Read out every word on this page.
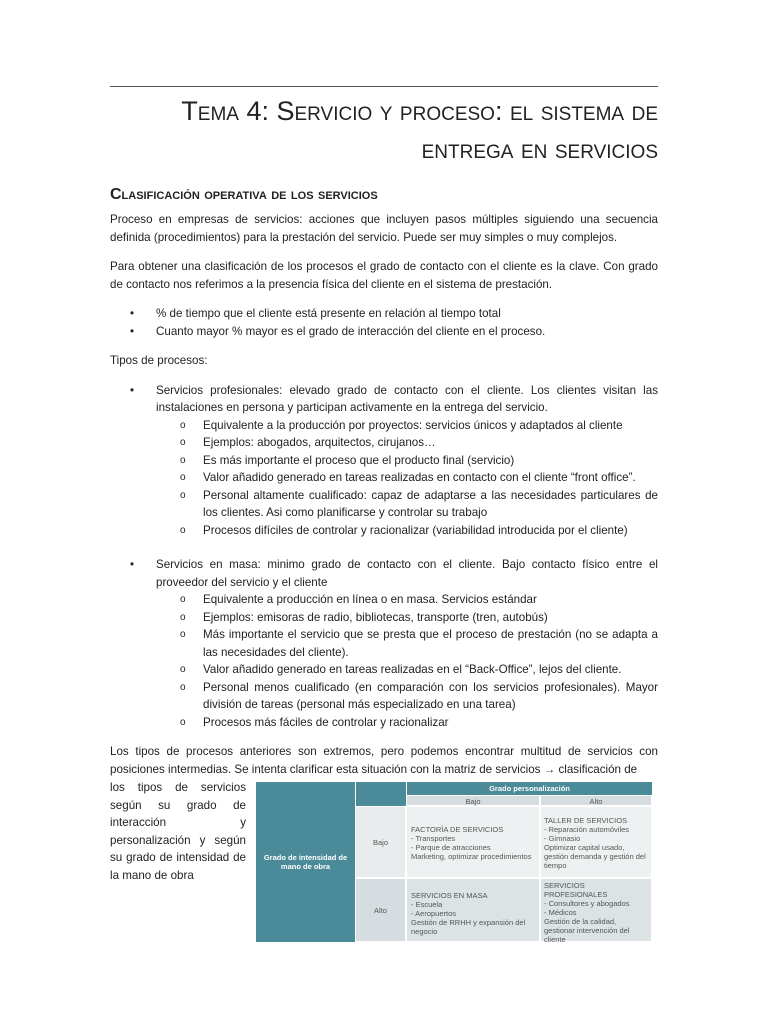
Tema 4: Servicio y proceso: el sistema de entrega en servicios
Clasificación operativa de los servicios

Proceso en empresas de servicios: acciones que incluyen pasos múltiples siguiendo una secuencia definida (procedimientos) para la prestación del servicio. Puede ser muy simples o muy complejos.

Para obtener una clasificación de los procesos el grado de contacto con el cliente es la clave. Con grado de contacto nos referimos a la presencia física del cliente en el sistema de prestación.

• % de tiempo que el cliente está presente en relación al tiempo total
• Cuanto mayor % mayor es el grado de interacción del cliente en el proceso.

Tipos de procesos:

• Servicios profesionales: elevado grado de contacto con el cliente. Los clientes visitan las instalaciones en persona y participan activamente en la entrega del servicio.
o Equivalente a la producción por proyectos: servicios únicos y adaptados al cliente
o Ejemplos: abogados, arquitectos, cirujanos…
o Es más importante el proceso que el producto final (servicio)
o Valor añadido generado en tareas realizadas en contacto con el cliente “front office”.
o Personal altamente cualificado: capaz de adaptarse a las necesidades particulares de los clientes. Asi como planificarse y controlar su trabajo
o Procesos difíciles de controlar y racionalizar (variabilidad introducida por el cliente)
• Servicios en masa: minimo grado de contacto con el cliente. Bajo contacto físico entre el proveedor del servicio y el cliente
o Equivalente a producción en línea o en masa. Servicios estándar
o Ejemplos: emisoras de radio, bibliotecas, transporte (tren, autobús)
o Más importante el servicio que se presta que el proceso de prestación (no se adapta a las necesidades del cliente).
o Valor añadido generado en tareas realizadas en el “Back-Office”, lejos del cliente.
o Personal menos cualificado (en comparación con los servicios profesionales). Mayor división de tareas (personal más especializado en una tarea)
o Procesos más fáciles de controlar y racionalizar

Los tipos de procesos anteriores son extremos, pero podemos encontrar multitud de servicios con posiciones intermedias. Se intenta clarificar esta situación con la matriz de servicios → clasificación de

los tipos de servicios según su grado de interacción y personalización y según su grado de intensidad de la mano de obra
Grado de intensidad de mano de obra
Grado personalización
Bajo	Alto
Bajo
Alto
FACTORÍA DE SERVICIOS
- Transportes
- Parque de atracciones
Marketing, optimizar procedimientos
TALLER DE SERVICIOS
- Reparación automóviles
- Gimnasio
Optimizar capital usado, gestión demanda y gestión del tiempo
SERVICIOS EN MASA
- Escuela
- Aeropuertos
Gestión de RRHH y expansión del negocio
SERVICIOS PROFESIONALES
- Consultores y abogados
- Médicos
Gestión de la calidad, gestionar intervención del cliente
